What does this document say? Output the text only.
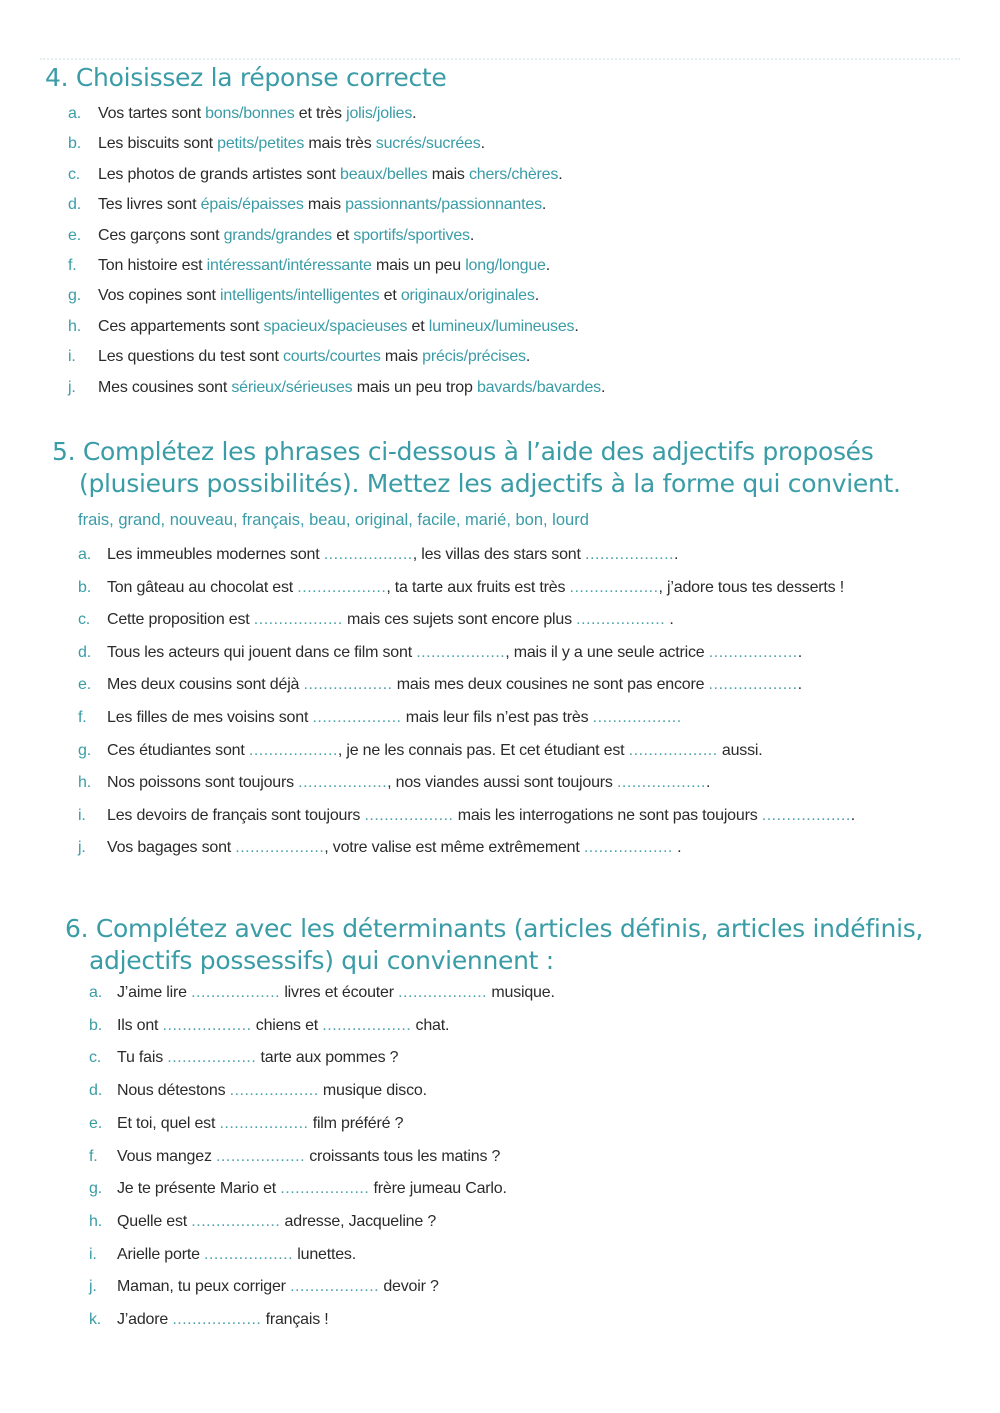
4. Choisissez la réponse correcte
a. Vos tartes sont bons/bonnes et très jolis/jolies.
b. Les biscuits sont petits/petites mais très sucrés/sucrées.
c. Les photos de grands artistes sont beaux/belles mais chers/chères.
d. Tes livres sont épais/épaisses mais passionnants/passionnantes.
e. Ces garçons sont grands/grandes et sportifs/sportives.
f. Ton histoire est intéressant/intéressante mais un peu long/longue.
g. Vos copines sont intelligents/intelligentes et originaux/originales.
h. Ces appartements sont spacieux/spacieuses et lumineux/lumineuses.
i. Les questions du test sont courts/courtes mais précis/précises.
j. Mes cousines sont sérieux/sérieuses mais un peu trop bavards/bavardes.
5. Complétez les phrases ci-dessous à l’aide des adjectifs proposés
(plusieurs possibilités). Mettez les adjectifs à la forme qui convient.
frais, grand, nouveau, français, beau, original, facile, marié, bon, lourd
a. Les immeubles modernes sont .................., les villas des stars sont ...................
b. Ton gâteau au chocolat est .................., ta tarte aux fruits est très .................., j’adore tous tes desserts !
c. Cette proposition est .................. mais ces sujets sont encore plus .................. .
d. Tous les acteurs qui jouent dans ce film sont .................., mais il y a une seule actrice ...................
e. Mes deux cousins sont déjà .................. mais mes deux cousines ne sont pas encore ...................
f. Les filles de mes voisins sont .................. mais leur fils n’est pas très ..................
g. Ces étudiantes sont .................., je ne les connais pas. Et cet étudiant est .................. aussi.
h. Nos poissons sont toujours .................., nos viandes aussi sont toujours ...................
i. Les devoirs de français sont toujours .................. mais les interrogations ne sont pas toujours ...................
j. Vos bagages sont .................., votre valise est même extrêmement .................. .
6. Complétez avec les déterminants (articles définis, articles indéfinis,
adjectifs possessifs) qui conviennent :
a. J’aime lire .................. livres et écouter .................. musique.
b. Ils ont .................. chiens et .................. chat.
c. Tu fais .................. tarte aux pommes ?
d. Nous détestons .................. musique disco.
e. Et toi, quel est .................. film préféré ?
f. Vous mangez .................. croissants tous les matins ?
g. Je te présente Mario et .................. frère jumeau Carlo.
h. Quelle est .................. adresse, Jacqueline ?
i. Arielle porte .................. lunettes.
j. Maman, tu peux corriger .................. devoir ?
k. J’adore .................. français !
